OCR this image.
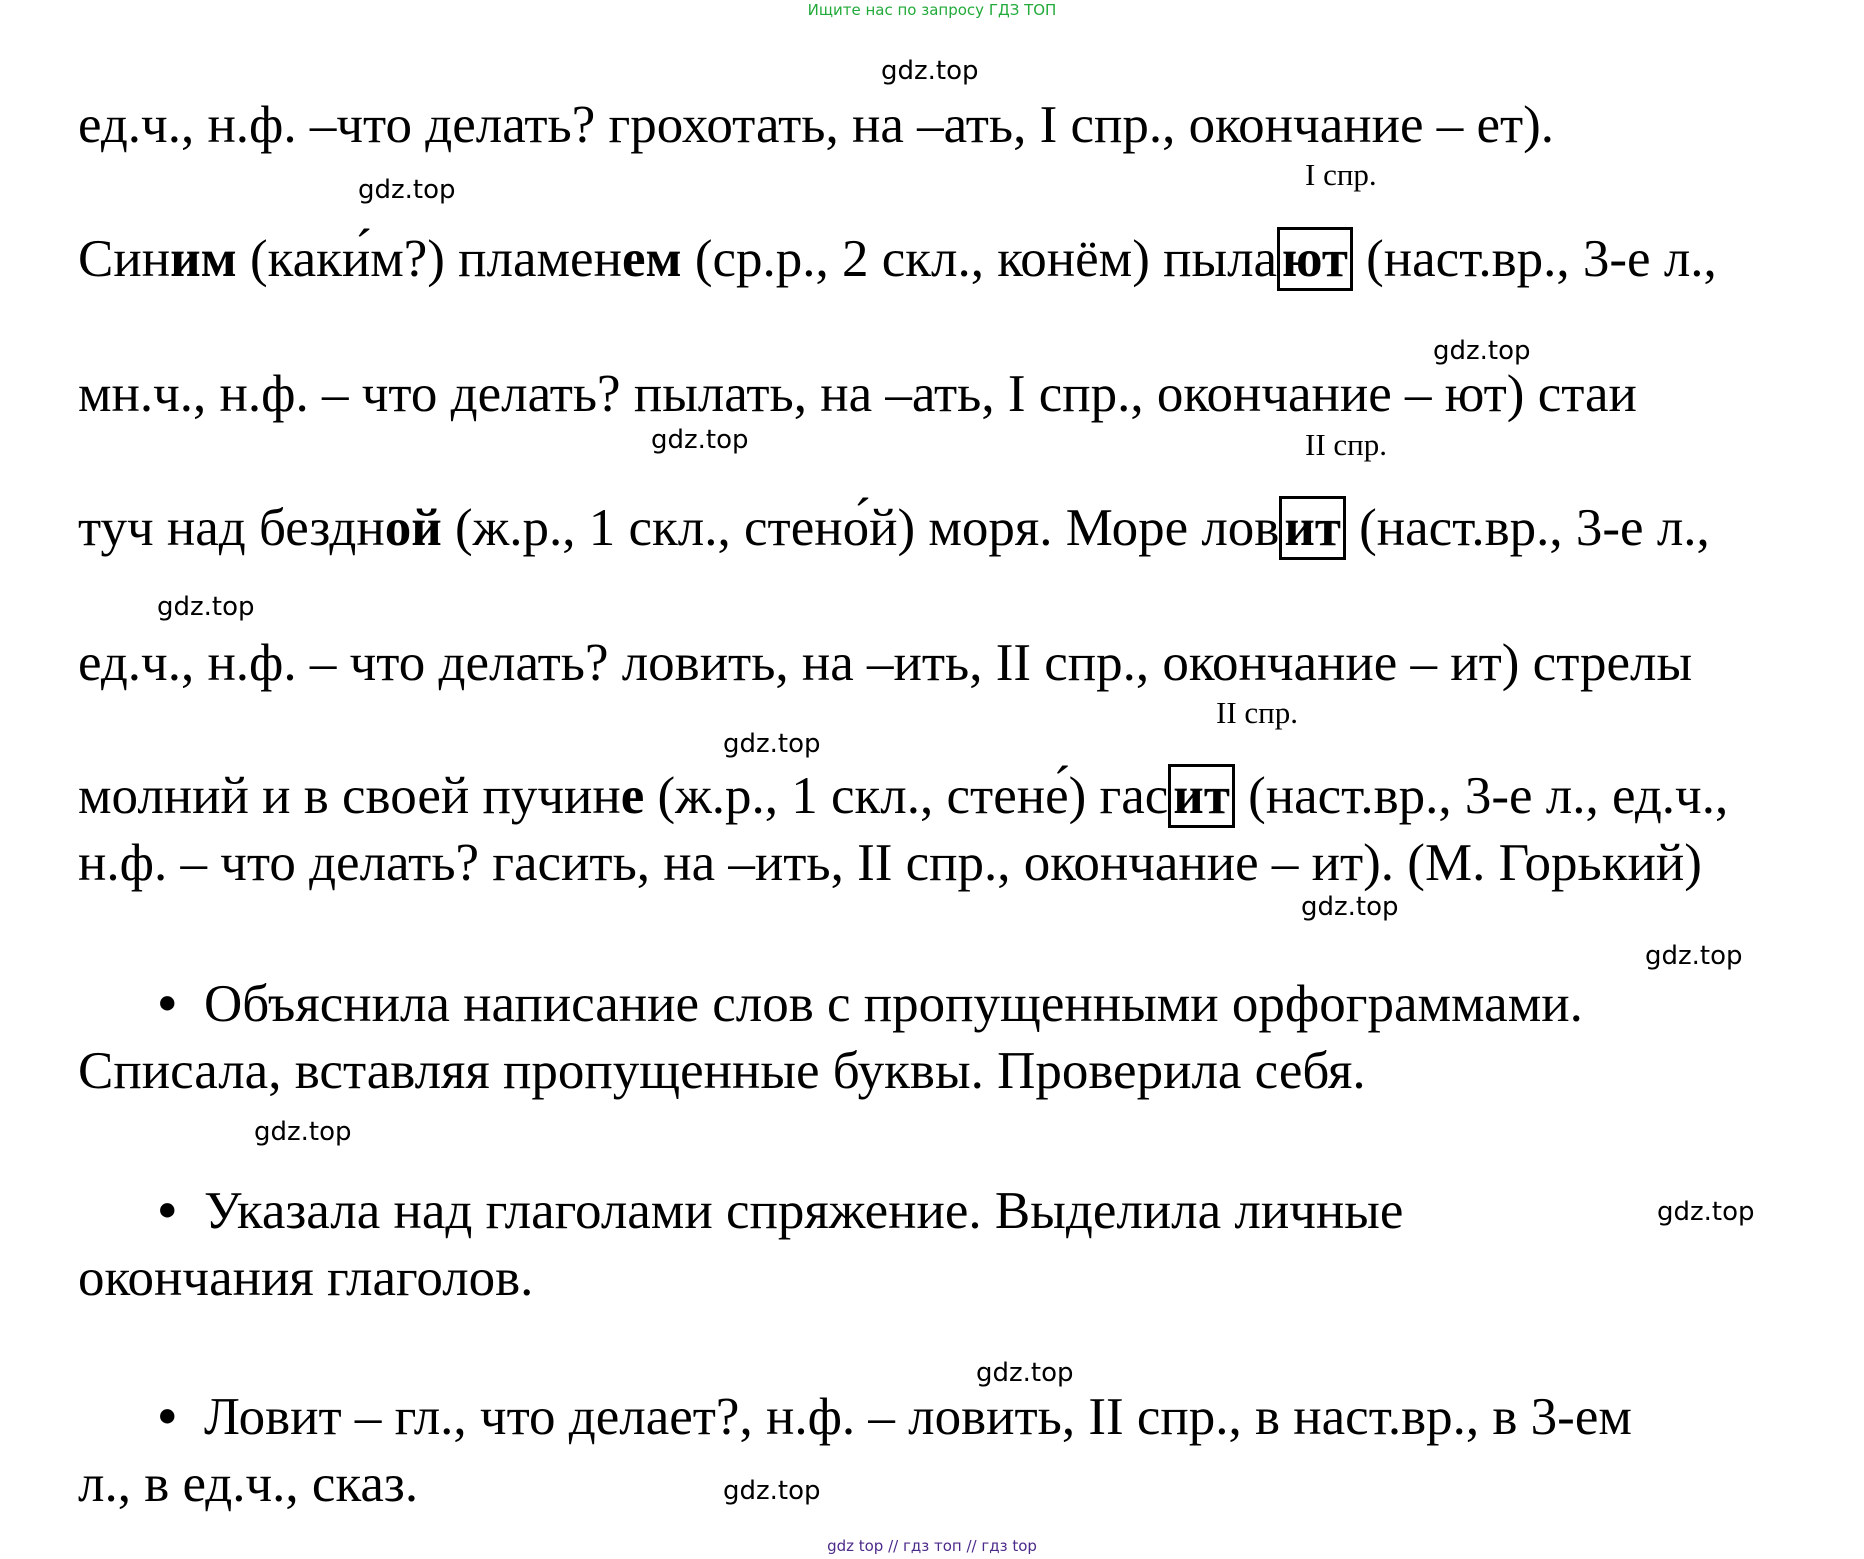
Ищите нас по запросу ГДЗ ТОП

gdz.top

gdz.top

gdz.top

gdz.top

gdz.top

gdz.top

gdz.top

gdz.top

gdz.top

gdz.top

gdz.top

gdz.top

I спр.

II спр.

II спр.

ед.ч., н.ф. –что делать? грохотать, на –ать, I спр., окончание – ет).

Синим (каки́м?) пламенем (ср.р., 2 скл., конём) пылают (наст.вр., 3-е л.,

мн.ч., н.ф. – что делать? пылать, на –ать, I спр., окончание – ют) стаи

туч над бездной (ж.р., 1 скл., стено́й) моря. Море ловит (наст.вр., 3-е л.,

ед.ч., н.ф. – что делать? ловить, на –ить, II спр., окончание – ит) стрелы

молний и в своей пучине (ж.р., 1 скл., стене́) гасит (наст.вр., 3-е л., ед.ч.,

н.ф. – что делать? гасить, на –ить, II спр., окончание – ит). (М. Горький)

• Объяснила написание слов с пропущенными орфограммами.

Списала, вставляя пропущенные буквы. Проверила себя.

• Указала над глаголами спряжение. Выделила личные

окончания глаголов.

• Ловит – гл., что делает?, н.ф. – ловить, II спр., в наст.вр., в 3-ем

л., в ед.ч., сказ.

gdz top // гдз топ // гдз top
